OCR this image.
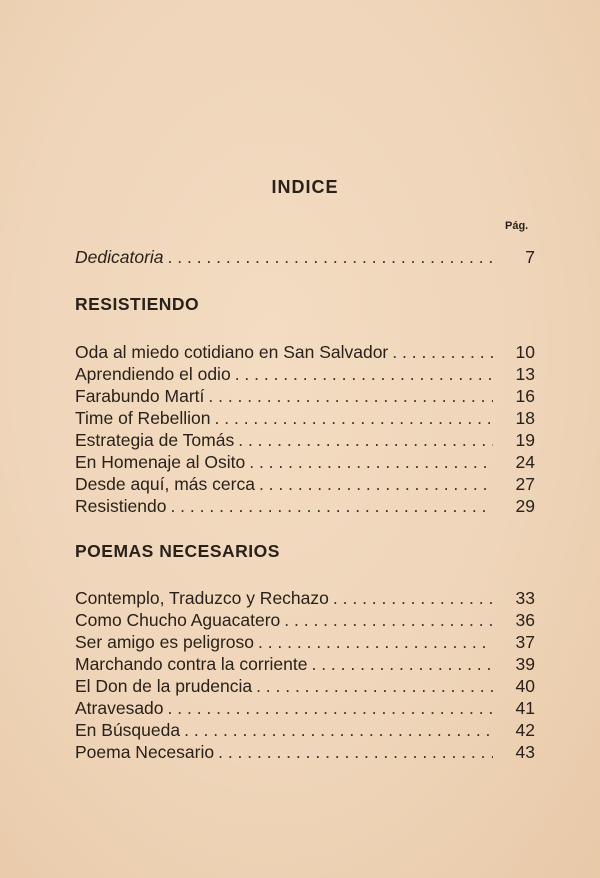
INDICE
Pág.
Dedicatoria . . .	7
RESISTIENDO
Oda al miedo cotidiano en San Salvador . . .	10
Aprendiendo el odio . . .	13
Farabundo Martí . . .	16
Time of Rebellion . . .	18
Estrategia de Tomás . . .	19
En Homenaje al Osito . . .	24
Desde aquí, más cerca . . .	27
Resistiendo . . .	29
POEMAS NECESARIOS
Contemplo, Traduzco y Rechazo . . .	33
Como Chucho Aguacatero . . .	36
Ser amigo es peligroso . . .	37
Marchando contra la corriente . . .	39
El Don de la prudencia . . .	40
Atravesado . . .	41
En Búsqueda . . .	42
Poema Necesario . . .	43
